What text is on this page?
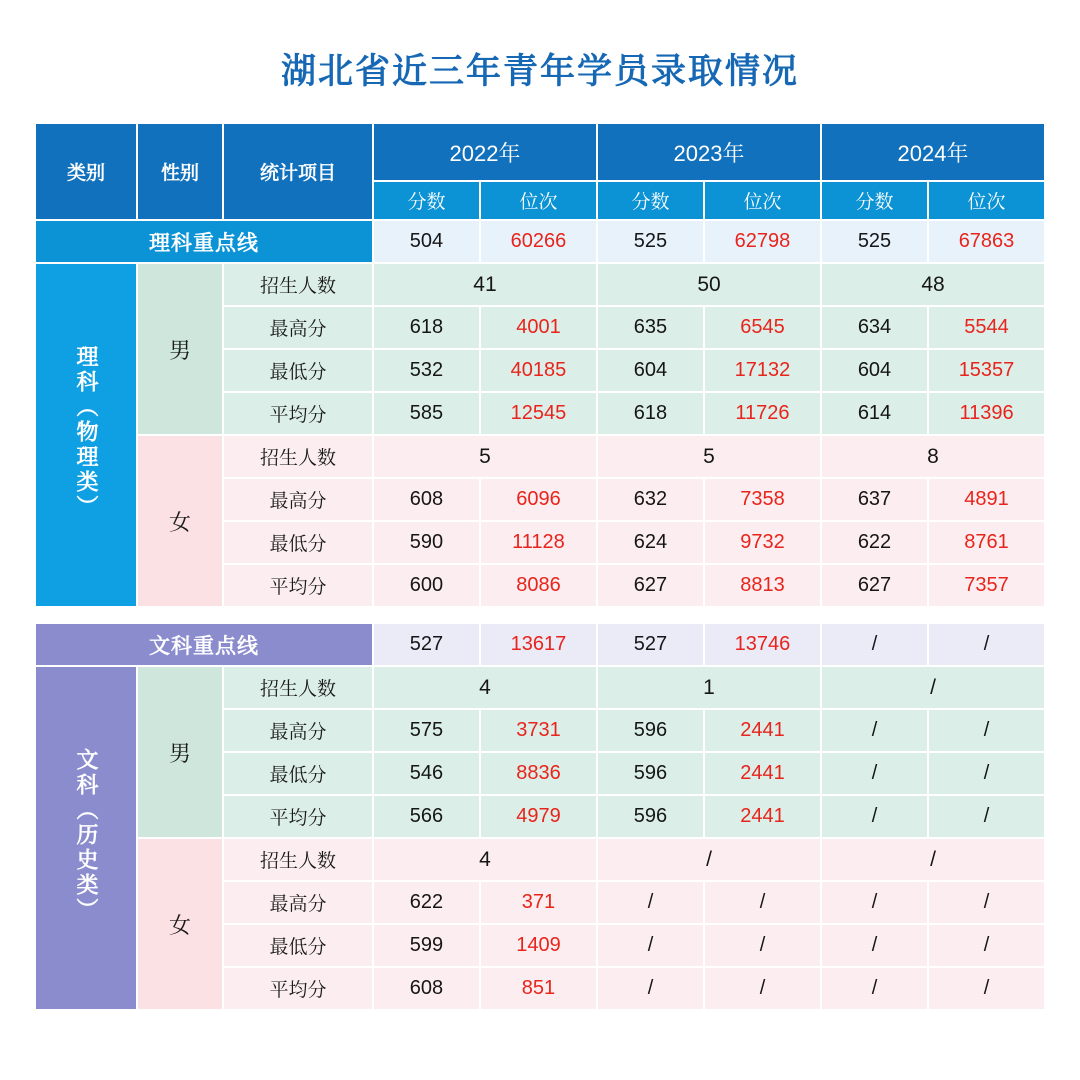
湖北省近三年青年学员录取情况
类别	性别	统计项目	2022年		2023年		2024年	
			分数	位次	分数	位次	分数	位次
理科重点线			504	60266	525	62798	525	67863
理科（物理类）	男	招生人数	41		50		48	
		最高分	618	4001	635	6545	634	5544
		最低分	532	40185	604	17132	604	15357
		平均分	585	12545	618	11726	614	11396
	女	招生人数	5		5		8	
		最高分	608	6096	632	7358	637	4891
		最低分	590	11128	624	9732	622	8761
		平均分	600	8086	627	8813	627	7357

文科重点线			527	13617	527	13746	/	/
文科（历史类）	男	招生人数	4		1		/	
		最高分	575	3731	596	2441	/	/
		最低分	546	8836	596	2441	/	/
		平均分	566	4979	596	2441	/	/
	女	招生人数	4		/		/	
		最高分	622	371	/	/	/	/
		最低分	599	1409	/	/	/	/
		平均分	608	851	/	/	/	/
